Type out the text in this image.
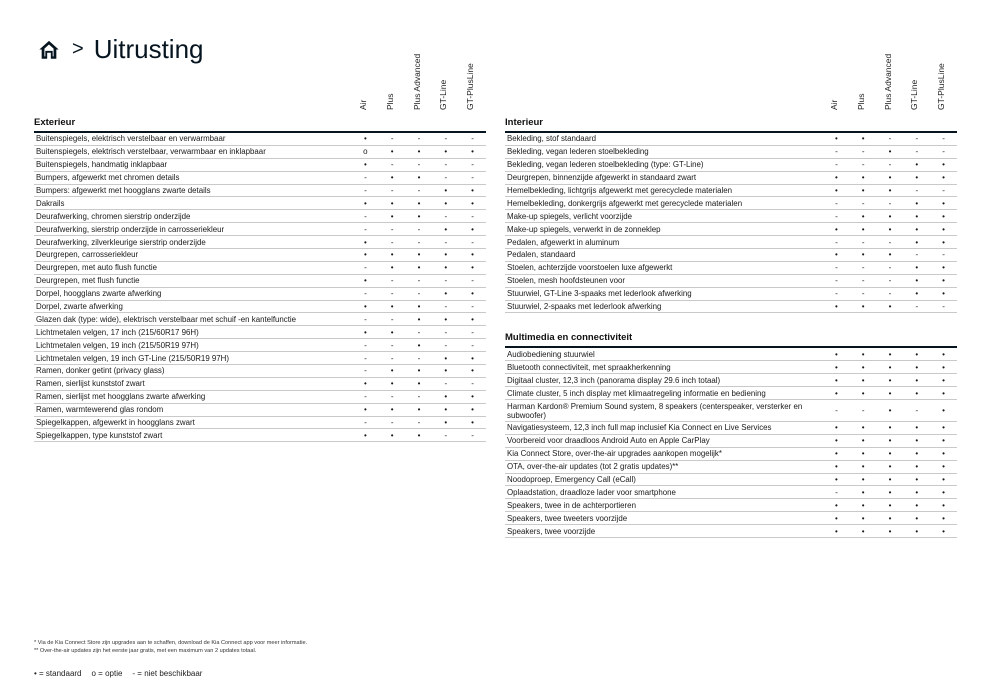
> Uitrusting
Air Plus Plus Advanced GT-Line GT-PlusLine
Exterieur
Buitenspiegels, elektrisch verstelbaar en verwarmbaar	•	-	-	-	-
Buitenspiegels, elektrisch verstelbaar, verwarmbaar en inklapbaar	o	•	•	•	•
Buitenspiegels, handmatig inklapbaar	•	-	-	-	-
Bumpers, afgewerkt met chromen details	-	•	•	-	-
Bumpers: afgewerkt met hoogglans zwarte details	-	-	-	•	•
Dakrails	•	•	•	•	•
Deurafwerking, chromen sierstrip onderzijde	-	•	•	-	-
Deurafwerking, sierstrip onderzijde in carrosseriekleur	-	-	-	•	•
Deurafwerking, zilverkleurige sierstrip onderzijde	•	-	-	-	-
Deurgrepen, carrosseriekleur	•	•	•	•	•
Deurgrepen, met auto flush functie	-	•	•	•	•
Deurgrepen, met flush functie	•	-	-	-	-
Dorpel, hoogglans zwarte afwerking	-	-	-	•	•
Dorpel, zwarte afwerking	•	•	•	-	-
Glazen dak (type: wide), elektrisch verstelbaar met schuif -en kantelfunctie	-	-	•	•	•
Lichtmetalen velgen, 17 inch (215/60R17 96H)	•	•	-	-	-
Lichtmetalen velgen, 19 inch (215/50R19 97H)	-	-	•	-	-
Lichtmetalen velgen, 19 inch GT-Line (215/50R19 97H)	-	-	-	•	•
Ramen, donker getint (privacy glass)	-	•	•	•	•
Ramen, sierlijst kunststof zwart	•	•	•	-	-
Ramen, sierlijst met hoogglans zwarte afwerking	-	-	-	•	•
Ramen, warmtewerend glas rondom	•	•	•	•	•
Spiegelkappen, afgewerkt in hoogglans zwart	-	-	-	•	•
Spiegelkappen, type kunststof zwart	•	•	•	-	-
Air Plus Plus Advanced GT-Line GT-PlusLine
Interieur
Bekleding, stof standaard	•	•	-	-	-
Bekleding, vegan lederen stoelbekleding	-	-	•	-	-
Bekleding, vegan lederen stoelbekleding (type: GT-Line)	-	-	-	•	•
Deurgrepen, binnenzijde afgewerkt in standaard zwart	•	•	•	•	•
Hemelbekleding, lichtgrijs afgewerkt met gerecyclede materialen	•	•	•	-	-
Hemelbekleding, donkergrijs afgewerkt met gerecyclede materialen	-	-	-	•	•
Make-up spiegels, verlicht voorzijde	-	•	•	•	•
Make-up spiegels, verwerkt in de zonneklep	•	•	•	•	•
Pedalen, afgewerkt in aluminum	-	-	-	•	•
Pedalen, standaard	•	•	•	-	-
Stoelen, achterzijde voorstoelen luxe afgewerkt	-	-	-	•	•
Stoelen, mesh hoofdsteunen voor	-	-	-	•	•
Stuurwiel, GT-Line 3-spaaks met lederlook afwerking	-	-	-	•	•
Stuurwiel, 2-spaaks met lederlook afwerking	•	•	•	-	-
Multimedia en connectiviteit
Audiobediening stuurwiel	•	•	•	•	•
Bluetooth connectiviteit, met spraakherkenning	•	•	•	•	•
Digitaal cluster, 12,3 inch (panorama display 29.6 inch totaal)	•	•	•	•	•
Climate cluster, 5 inch display met klimaatregeling informatie en bediening	•	•	•	•	•
Harman Kardon® Premium Sound system, 8 speakers (centerspeaker, versterker en subwoofer)	-	-	•	-	•
Navigatiesysteem, 12,3 inch full map inclusief Kia Connect en Live Services	•	•	•	•	•
Voorbereid voor draadloos Android Auto en Apple CarPlay	•	•	•	•	•
Kia Connect Store, over-the-air upgrades aankopen mogelijk*	•	•	•	•	•
OTA, over-the-air updates (tot 2 gratis updates)**	•	•	•	•	•
Noodoproep, Emergency Call (eCall)	•	•	•	•	•
Oplaadstation, draadloze lader voor smartphone	-	•	•	•	•
Speakers, twee in de achterportieren	•	•	•	•	•
Speakers, twee tweeters voorzijde	•	•	•	•	•
Speakers, twee voorzijde	•	•	•	•	•
* Via de Kia Connect Store zijn upgrades aan te schaffen, download de Kia Connect app voor meer informatie.
** Over-the-air updates zijn het eerste jaar gratis, met een maximum van 2 updates totaal.
• = standaard o = optie - = niet beschikbaar
